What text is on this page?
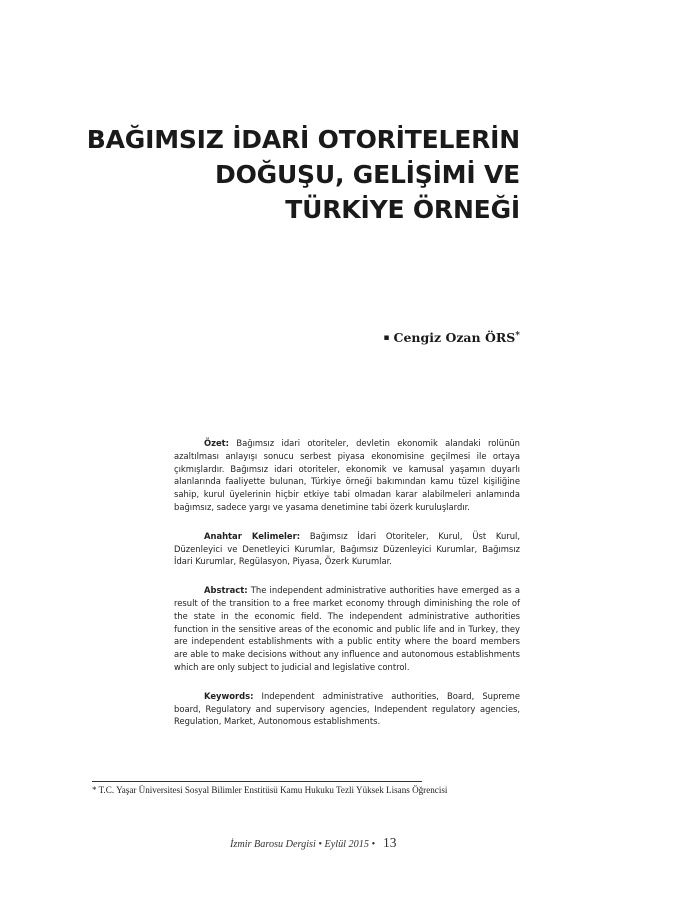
BAĞIMSIZ İDARİ OTORİTELERİN
DOĞUŞU, GELİŞİMİ VE
TÜRKİYE ÖRNEĞİ
▪ Cengiz Ozan ÖRS*

Özet: Bağımsız idari otoriteler, devletin ekonomik alandaki rolünün azaltılması anlayışı sonucu serbest piyasa ekonomisine geçilmesi ile ortaya çıkmışlardır. Bağımsız idari otoriteler, ekonomik ve kamusal yaşamın duyarlı alanlarında faaliyette bulunan, Türkiye örneği bakımından kamu tüzel kişiliğine sahip, kurul üyelerinin hiçbir etkiye tabi olmadan karar alabilmeleri anlamında bağımsız, sadece yargı ve yasama denetimine tabi özerk kuruluşlardır.

Anahtar Kelimeler: Bağımsız İdari Otoriteler, Kurul, Üst Kurul, Düzenleyici ve Denetleyici Kurumlar, Bağımsız Düzenleyici Kurumlar, Bağımsız İdari Kurumlar, Regülasyon, Piyasa, Özerk Kurumlar.

Abstract: The independent administrative authorities have emerged as a result of the transition to a free market economy through diminishing the role of the state in the economic field. The independent administrative authorities function in the sensitive areas of the economic and public life and in Turkey, they are independent establishments with a public entity where the board members are able to make decisions without any influence and autonomous establishments which are only subject to judicial and legislative control.

Keywords: Independent administrative authorities, Board, Supreme board, Regulatory and supervisory agencies, Independent regulatory agencies, Regulation, Market, Autonomous establishments.

* T.C. Yaşar Üniversitesi Sosyal Bilimler Enstitüsü Kamu Hukuku Tezli Yüksek Lisans Öğrencisi
İzmir Barosu Dergisi • Eylül 2015 • 13
